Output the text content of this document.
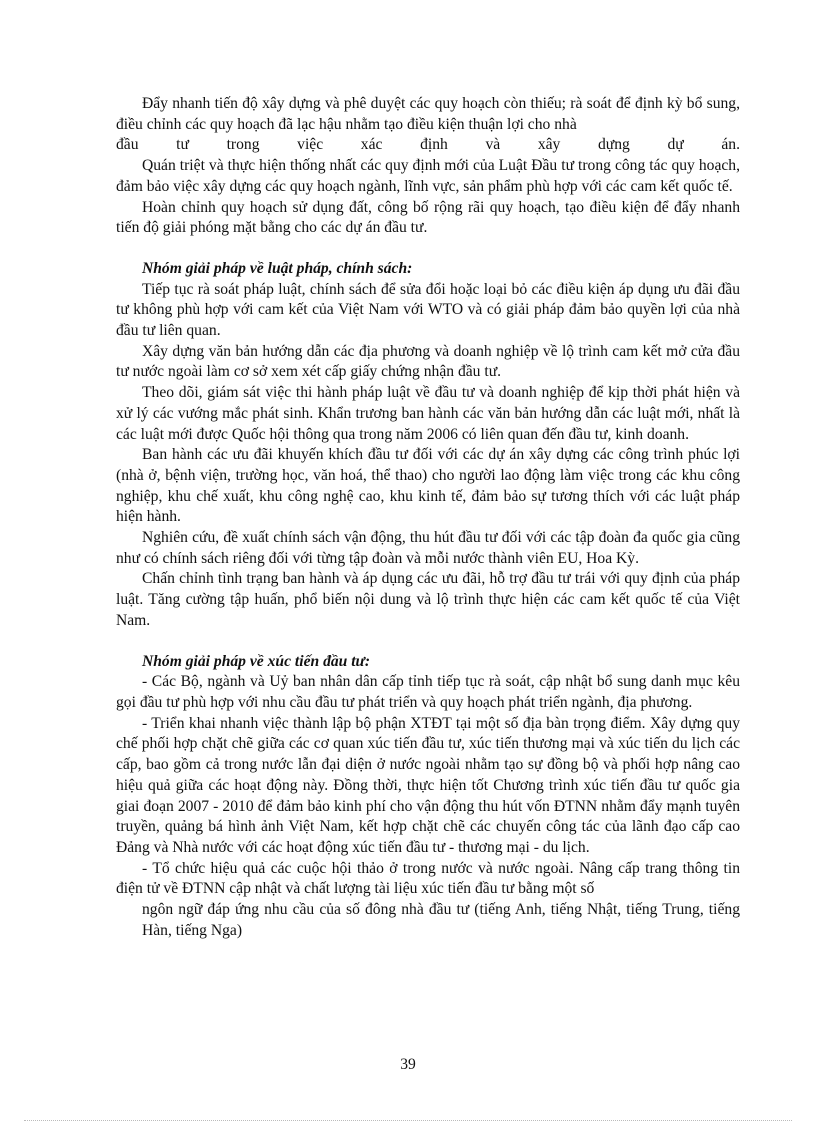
Đẩy nhanh tiến độ xây dựng và phê duyệt các quy hoạch còn thiếu; rà soát để định kỳ bổ sung, điều chỉnh các quy hoạch đã lạc hậu nhằm tạo điều kiện thuận lợi cho nhà

đầu tư trong việc xác định và xây dựng dự án.

Quán triệt và thực hiện thống nhất các quy định mới của Luật Đầu tư trong công tác quy hoạch, đảm bảo việc xây dựng các quy hoạch ngành, lĩnh vực, sản phẩm phù hợp với các cam kết quốc tế.

Hoàn chỉnh quy hoạch sử dụng đất, công bố rộng rãi quy hoạch, tạo điều kiện để đẩy nhanh tiến độ giải phóng mặt bằng cho các dự án đầu tư.

Nhóm giải pháp về luật pháp, chính sách:

Tiếp tục rà soát pháp luật, chính sách để sửa đổi hoặc loại bỏ các điều kiện áp dụng ưu đãi đầu tư không phù hợp với cam kết của Việt Nam với WTO và có giải pháp đảm bảo quyền lợi của nhà đầu tư liên quan.

Xây dựng văn bản hướng dẫn các địa phương và doanh nghiệp về lộ trình cam kết mở cửa đầu tư nước ngoài làm cơ sở xem xét cấp giấy chứng nhận đầu tư.

Theo dõi, giám sát việc thi hành pháp luật về đầu tư và doanh nghiệp để kịp thời phát hiện và xử lý các vướng mắc phát sinh. Khẩn trương ban hành các văn bản hướng dẫn các luật mới, nhất là các luật mới được Quốc hội thông qua trong năm 2006 có liên quan đến đầu tư, kinh doanh.

Ban hành các ưu đãi khuyến khích đầu tư đối với các dự án xây dựng các công trình phúc lợi (nhà ở, bệnh viện, trường học, văn hoá, thể thao) cho người lao động làm việc trong các khu công nghiệp, khu chế xuất, khu công nghệ cao, khu kinh tế, đảm bảo sự tương thích với các luật pháp hiện hành.

Nghiên cứu, đề xuất chính sách vận động, thu hút đầu tư đối với các tập đoàn đa quốc gia cũng như có chính sách riêng đối với từng tập đoàn và mỗi nước thành viên EU, Hoa Kỳ.

Chấn chỉnh tình trạng ban hành và áp dụng các ưu đãi, hỗ trợ đầu tư trái với quy định của pháp luật. Tăng cường tập huấn, phổ biến nội dung và lộ trình thực hiện các cam kết quốc tế của Việt Nam.

Nhóm giải pháp về xúc tiến đầu tư:

- Các Bộ, ngành và Uỷ ban nhân dân cấp tỉnh tiếp tục rà soát, cập nhật bổ sung danh mục kêu gọi đầu tư phù hợp với nhu cầu đầu tư phát triển và quy hoạch phát triển ngành, địa phương.

- Triển khai nhanh việc thành lập bộ phận XTĐT tại một số địa bàn trọng điểm. Xây dựng quy chế phối hợp chặt chẽ giữa các cơ quan xúc tiến đầu tư, xúc tiến thương mại và xúc tiến du lịch các cấp, bao gồm cả trong nước lẫn đại diện ở nước ngoài nhằm tạo sự đồng bộ và phối hợp nâng cao hiệu quả giữa các hoạt động này. Đồng thời, thực hiện tốt Chương trình xúc tiến đầu tư quốc gia giai đoạn 2007 - 2010 để đảm bảo kinh phí cho vận động thu hút vốn ĐTNN nhằm đẩy mạnh tuyên truyền, quảng bá hình ảnh Việt Nam, kết hợp chặt chẽ các chuyến công tác của lãnh đạo cấp cao Đảng và Nhà nước với các hoạt động xúc tiến đầu tư - thương mại - du lịch.

- Tổ chức hiệu quả các cuộc hội thảo ở trong nước và nước ngoài. Nâng cấp trang thông tin điện tử về ĐTNN cập nhật và chất lượng tài liệu xúc tiến đầu tư bằng một số

ngôn ngữ đáp ứng nhu cầu của số đông nhà đầu tư (tiếng Anh, tiếng Nhật, tiếng Trung, tiếng Hàn, tiếng Nga)

39
